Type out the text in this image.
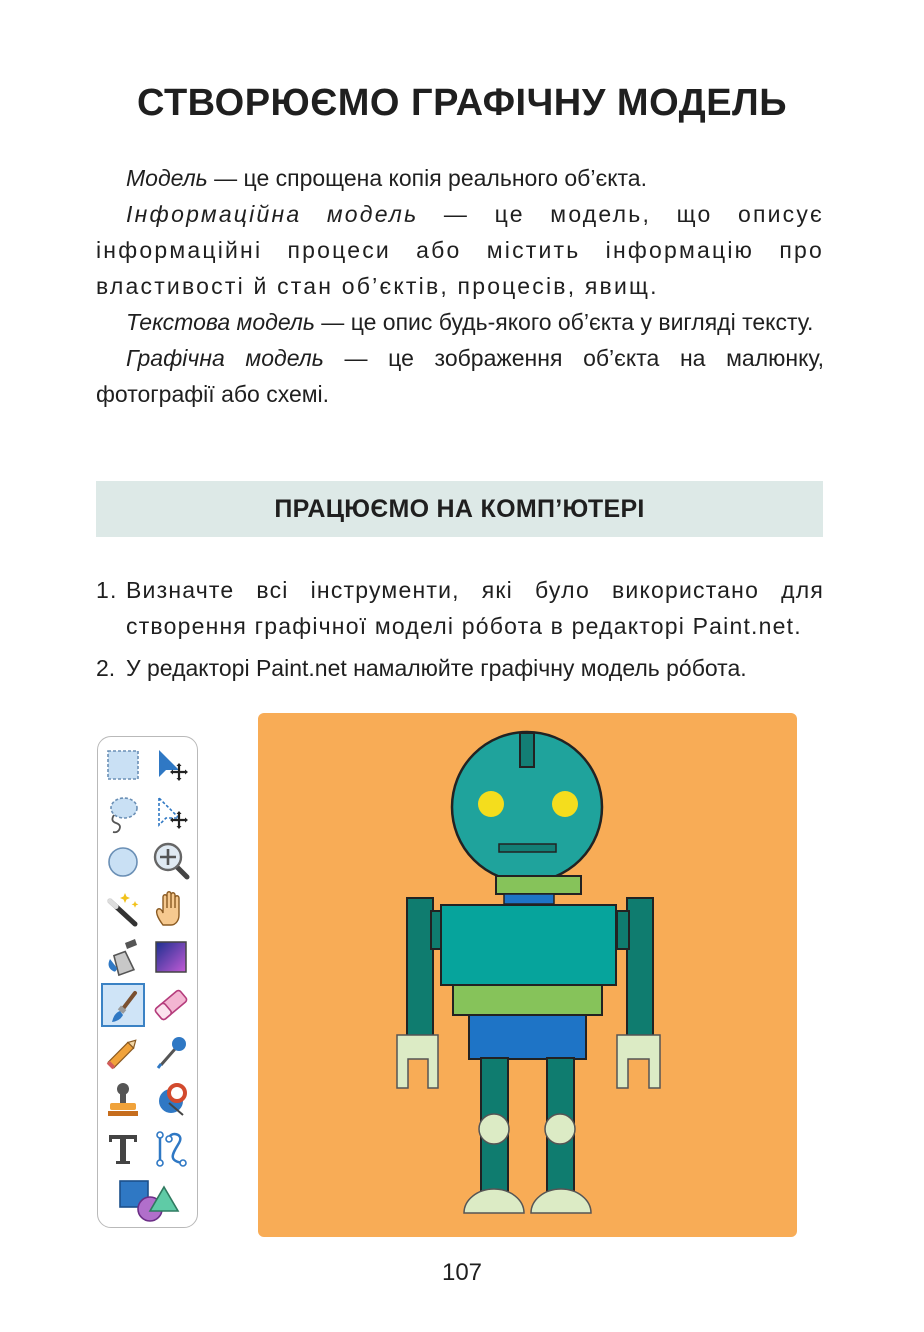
СТВОРЮЄМО ГРАФІЧНУ МОДЕЛЬ

Модель — це спрощена копія реального об’єкта.

Інформаційна модель — це модель, що описує інформаційні процеси або містить інформацію про властивості й стан об’єктів, процесів, явищ.

Текстова модель — це опис будь-якого об’єкта у вигляді тексту.

Графічна модель — це зображення об’єкта на малюнку, фотографії або схемі.

ПРАЦЮЄМО НА КОМП’ЮТЕРІ
1. Визначте всі інструменти, які було використано для створення графічної моделі ро́бота в редакторі Paint.net.
2. У редакторі Paint.net намалюйте графічну модель ро́бота.
107
